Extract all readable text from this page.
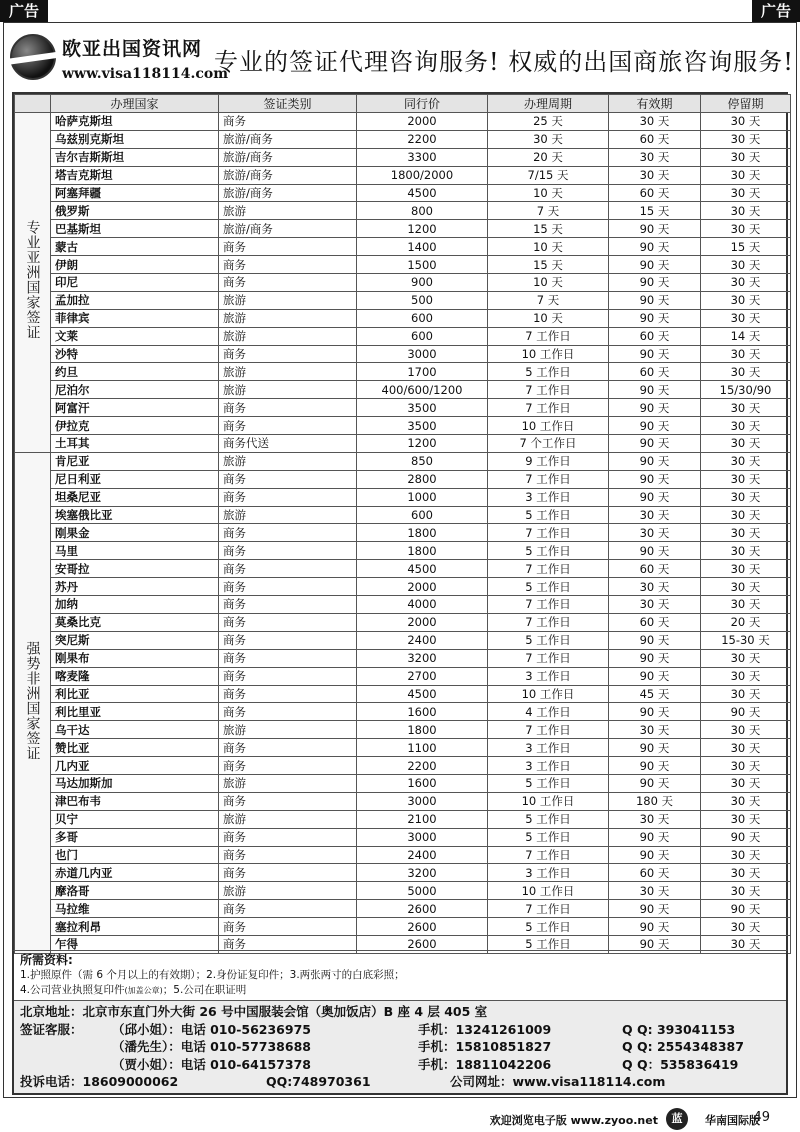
广告	广告
欧亚出国资讯网
www.visa118114.com
专业的签证代理咨询服务! 权威的出国商旅咨询服务!
	办理国家	签证类别	同行价	办理周期	有效期	停留期
专业亚洲国家签证	哈萨克斯坦	商务	2000	25 天	30 天	30 天
	乌兹别克斯坦	旅游/商务	2200	30 天	60 天	30 天
	吉尔吉斯斯坦	旅游/商务	3300	20 天	30 天	30 天
	塔吉克斯坦	旅游/商务	1800/2000	7/15 天	30 天	30 天
	阿塞拜疆	旅游/商务	4500	10 天	60 天	30 天
	俄罗斯	旅游	800	7 天	15 天	30 天
	巴基斯坦	旅游/商务	1200	15 天	90 天	30 天
	蒙古	商务	1400	10 天	90 天	15 天
	伊朗	商务	1500	15 天	90 天	30 天
	印尼	商务	900	10 天	90 天	30 天
	孟加拉	旅游	500	7 天	90 天	30 天
	菲律宾	旅游	600	10 天	90 天	30 天
	文莱	旅游	600	7 工作日	60 天	14 天
	沙特	商务	3000	10 工作日	90 天	30 天
	约旦	旅游	1700	5 工作日	60 天	30 天
	尼泊尔	旅游	400/600/1200	7 工作日	90 天	15/30/90
	阿富汗	商务	3500	7 工作日	90 天	30 天
	伊拉克	商务	3500	10 工作日	90 天	30 天
	土耳其	商务代送	1200	7 个工作日	90 天	30 天
强势非洲国家签证	肯尼亚	旅游	850	9 工作日	90 天	30 天
	尼日利亚	商务	2800	7 工作日	90 天	30 天
	坦桑尼亚	商务	1000	3 工作日	90 天	30 天
	埃塞俄比亚	旅游	600	5 工作日	30 天	30 天
	刚果金	商务	1800	7 工作日	30 天	30 天
	马里	商务	1800	5 工作日	90 天	30 天
	安哥拉	商务	4500	7 工作日	60 天	30 天
	苏丹	商务	2000	5 工作日	30 天	30 天
	加纳	商务	4000	7 工作日	30 天	30 天
	莫桑比克	商务	2000	7 工作日	60 天	20 天
	突尼斯	商务	2400	5 工作日	90 天	15-30 天
	刚果布	商务	3200	7 工作日	90 天	30 天
	喀麦隆	商务	2700	3 工作日	90 天	30 天
	利比亚	商务	4500	10 工作日	45 天	30 天
	利比里亚	商务	1600	4 工作日	90 天	90 天
	乌干达	旅游	1800	7 工作日	30 天	30 天
	赞比亚	商务	1100	3 工作日	90 天	30 天
	几内亚	商务	2200	3 工作日	90 天	30 天
	马达加斯加	旅游	1600	5 工作日	90 天	30 天
	津巴布韦	商务	3000	10 工作日	180 天	30 天
	贝宁	旅游	2100	5 工作日	30 天	30 天
	多哥	商务	3000	5 工作日	90 天	90 天
	也门	商务	2400	7 工作日	90 天	30 天
	赤道几内亚	商务	3200	3 工作日	60 天	30 天
	摩洛哥	旅游	5000	10 工作日	30 天	30 天
	马拉维	商务	2600	7 工作日	90 天	90 天
	塞拉利昂	商务	2600	5 工作日	90 天	30 天
	乍得	商务	2600	5 工作日	90 天	30 天
所需资料:
1.护照原件（需 6 个月以上的有效期）；2.身份证复印件；3.两张两寸的白底彩照；
4.公司营业执照复印件(加盖公章)；5.公司在职证明
北京地址：北京市东直门外大街 26 号中国服装会馆（奥加饭店）B 座 4 层 405 室
签证客服： （邱小姐）：电话 010-56236975	手机：13241261009	Q Q: 393041153
（潘先生）：电话 010-57738688	手机：15810851827	Q Q: 2554348387
（贾小姐）：电话 010-64157378	手机：18811042206	Q Q：535836419
投诉电话：18609000062	QQ:748970361	公司网址：www.visa118114.com
欢迎浏览电子版 www.zyoo.net	蓝	华南国际版
49
